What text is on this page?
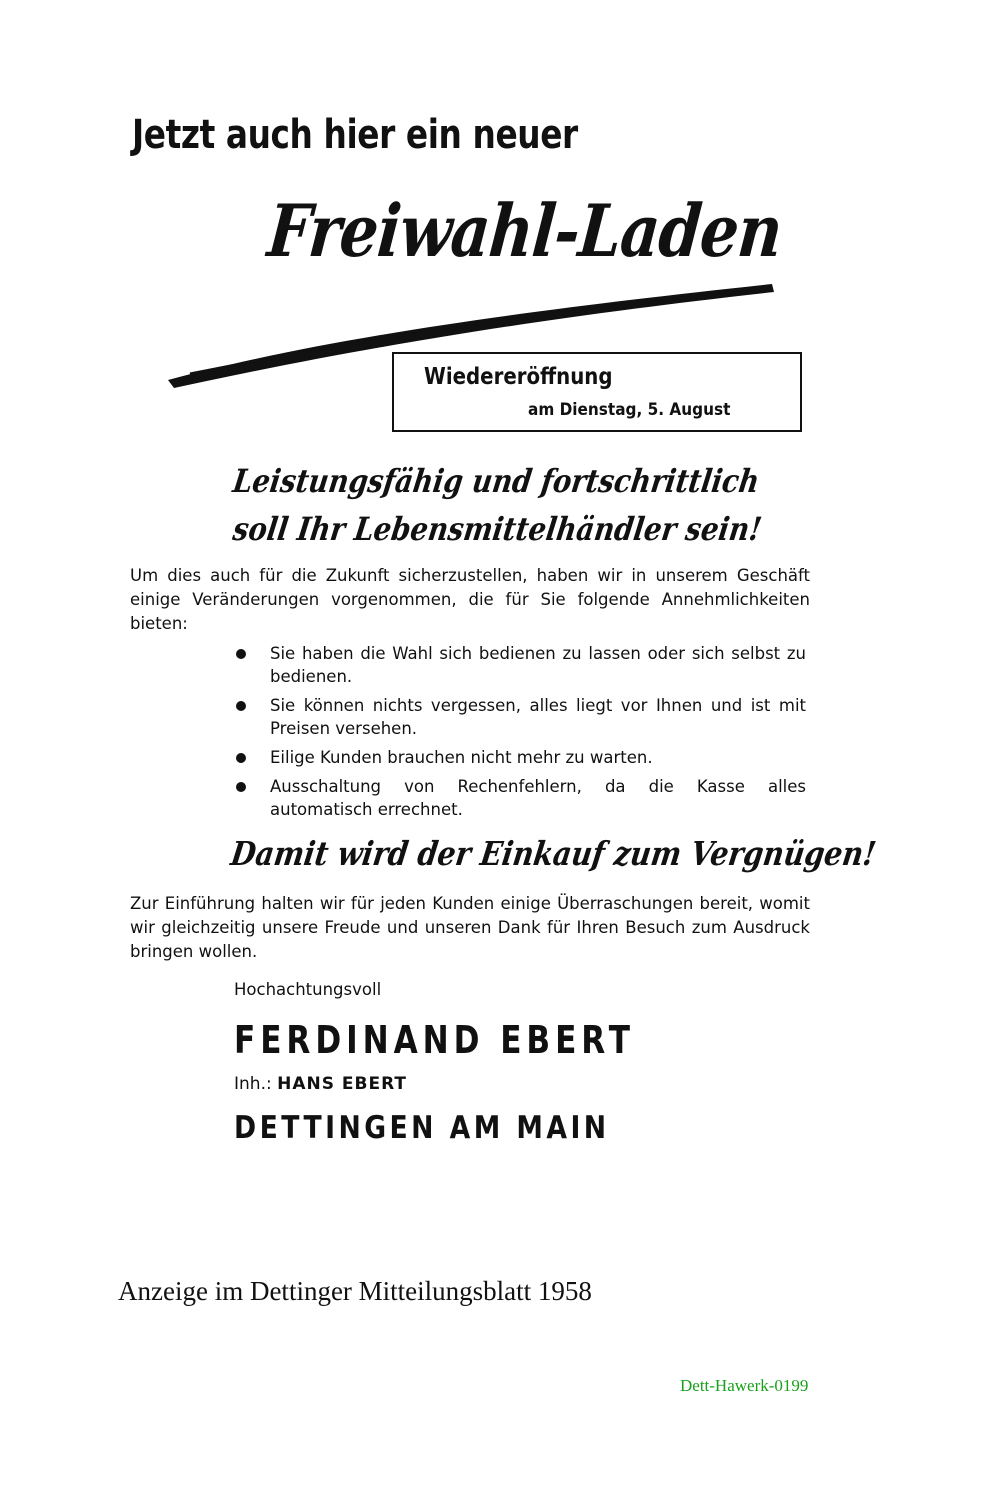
Jetzt auch hier ein neuer
Freiwahl-Laden
Wiedereröffnung
am Dienstag, 5. August
Leistungsfähig und fortschrittlich
soll Ihr Lebensmittelhändler sein!
Um dies auch für die Zukunft sicherzustellen, haben wir in unserem Geschäft einige Veränderungen vorgenommen, die für Sie folgende Annehmlichkeiten bieten:
Sie haben die Wahl sich bedienen zu lassen oder sich selbst zu bedienen.
Sie können nichts vergessen, alles liegt vor Ihnen und ist mit Preisen versehen.
Eilige Kunden brauchen nicht mehr zu warten.
Ausschaltung von Rechenfehlern, da die Kasse alles automatisch errechnet.
Damit wird der Einkauf zum Vergnügen!
Zur Einführung halten wir für jeden Kunden einige Überraschungen bereit, womit wir gleichzeitig unsere Freude und unseren Dank für Ihren Besuch zum Ausdruck bringen wollen.
Hochachtungsvoll
FERDINAND EBERT
Inh.: HANS EBERT
DETTINGEN AM MAIN
Anzeige im Dettinger Mitteilungsblatt 1958
Dett-Hawerk-0199
